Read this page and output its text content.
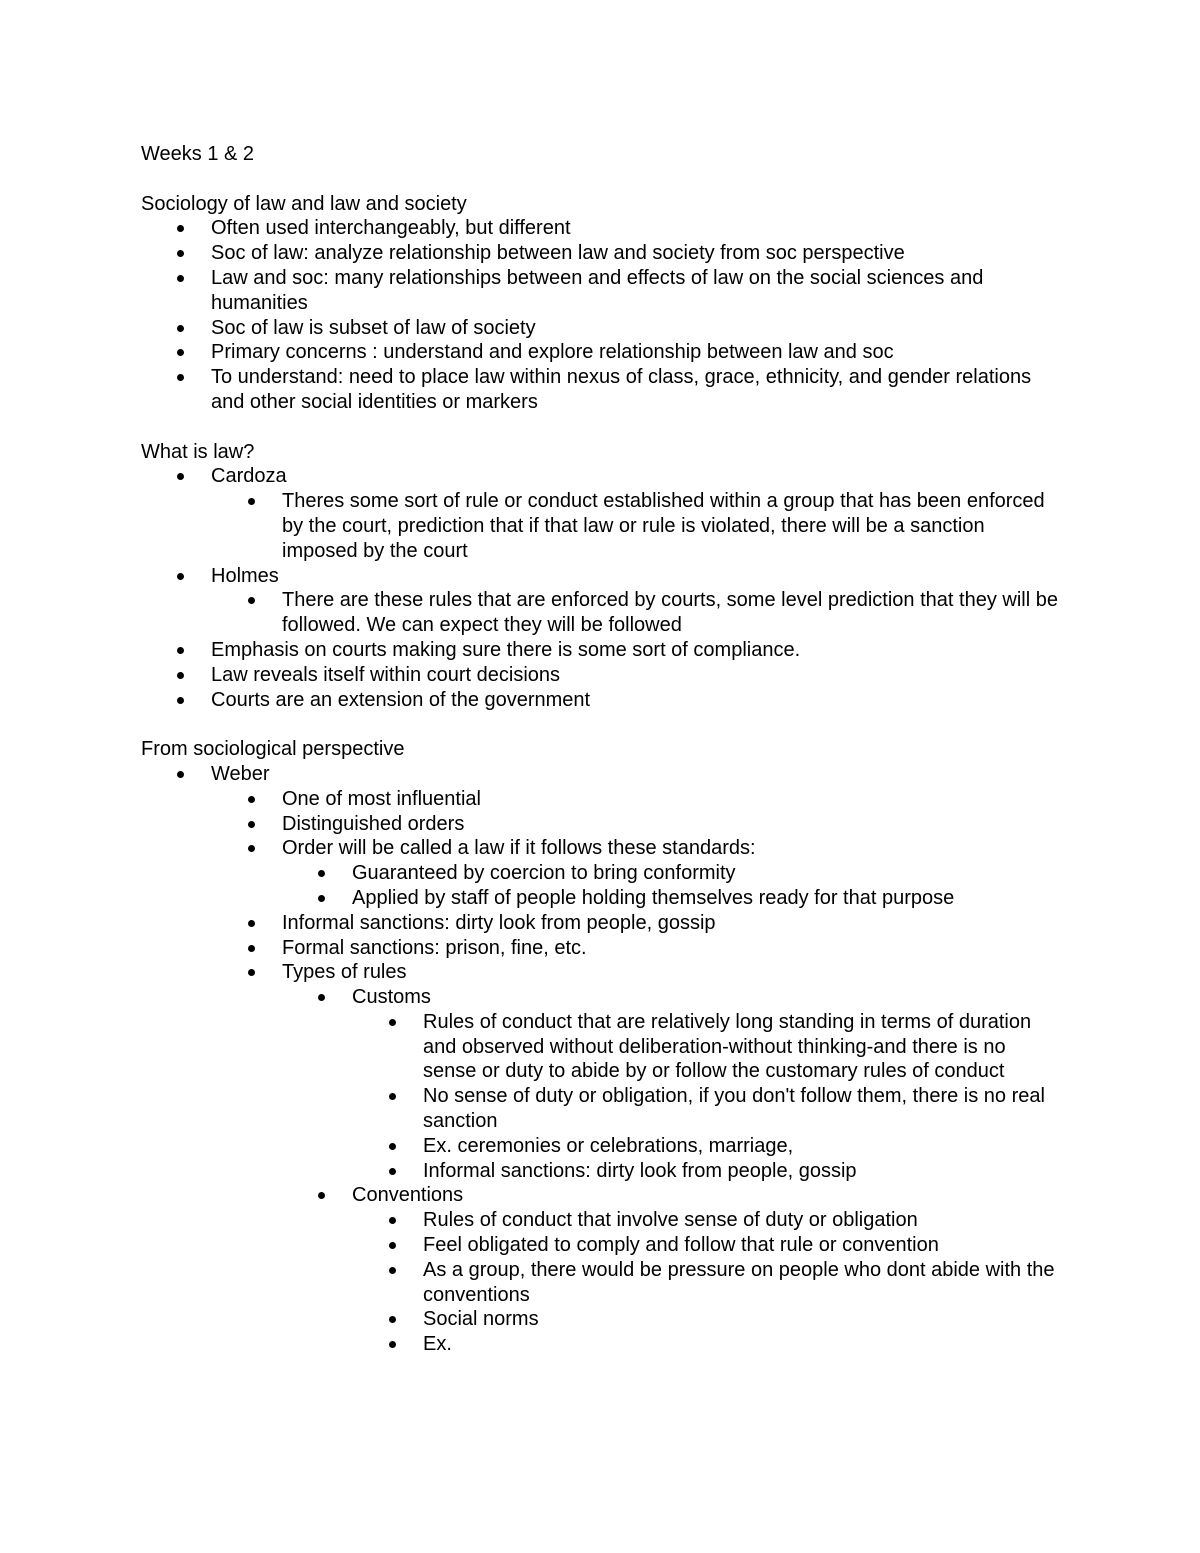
Weeks 1 & 2

Sociology of law and law and society

Often used interchangeably, but different
Soc of law: analyze relationship between law and society from soc perspective
Law and soc: many relationships between and effects of law on the social sciences and humanities
Soc of law is subset of law of society
Primary concerns : understand and explore relationship between law and soc
To understand: need to place law within nexus of class, grace, ethnicity, and gender relations and other social identities or markers

What is law?

Cardoza
Theres some sort of rule or conduct established within a group that has been enforced by the court, prediction that if that law or rule is violated, there will be a sanction imposed by the court
Holmes
There are these rules that are enforced by courts, some level prediction that they will be followed. We can expect they will be followed
Emphasis on courts making sure there is some sort of compliance.
Law reveals itself within court decisions
Courts are an extension of the government

From sociological perspective

Weber
One of most influential
Distinguished orders
Order will be called a law if it follows these standards:
Guaranteed by coercion to bring conformity
Applied by staff of people holding themselves ready for that purpose
Informal sanctions: dirty look from people, gossip
Formal sanctions: prison, fine, etc.
Types of rules
Customs
Rules of conduct that are relatively long standing in terms of duration and observed without deliberation-without thinking-and there is no sense or duty to abide by or follow the customary rules of conduct
No sense of duty or obligation, if you don't follow them, there is no real sanction
Ex. ceremonies or celebrations, marriage,
Informal sanctions: dirty look from people, gossip
Conventions
Rules of conduct that involve sense of duty or obligation
Feel obligated to comply and follow that rule or convention
As a group, there would be pressure on people who dont abide with the conventions
Social norms
Ex.
